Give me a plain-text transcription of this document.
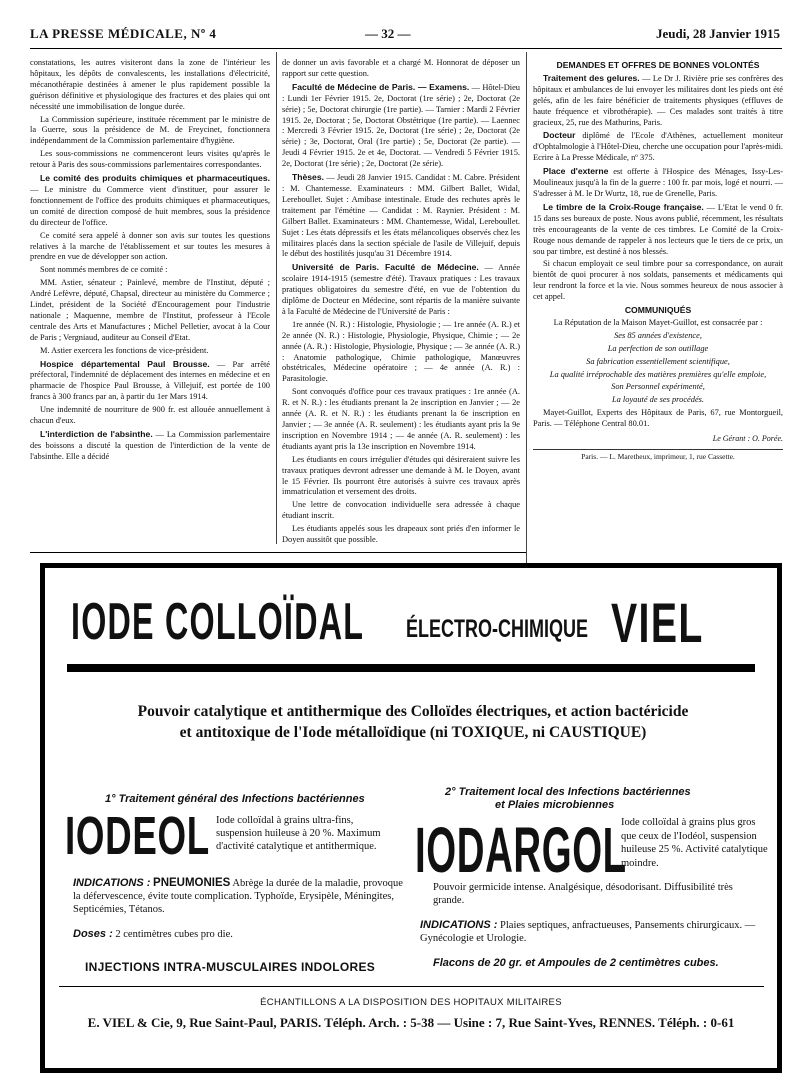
LA PRESSE MÉDICALE, Nº 4	— 32 —	Jeudi, 28 Janvier 1915

constatations, les autres visiteront dans la zone de l'intérieur les hôpitaux, les dépôts de convalescents, les installations d'électricité, mécanothérapie destinées à amener le plus rapidement possible la guérison définitive et physiologique des fractures et des plaies qui ont nécessité une immobilisation de longue durée.

La Commission supérieure, instituée récemment par le ministre de la Guerre, sous la présidence de M. de Freycinet, fonctionnera indépendamment de la Commission parlementaire d'hygiène.

Les sous-commissions ne commenceront leurs visites qu'après le retour à Paris des sous-commissions parlementaires correspondantes.

Le comité des produits chimiques et pharmaceutiques. — Le ministre du Commerce vient d'instituer, pour assurer le fonctionnement de l'office des produits chimiques et pharmaceutiques, un comité de direction composé de huit membres, sous la présidence du directeur de l'office.

Ce comité sera appelé à donner son avis sur toutes les questions relatives à la marche de l'établissement et sur toutes les mesures à prendre en vue de développer son action.

Sont nommés membres de ce comité :

MM. Astier, sénateur ; Painlevé, membre de l'Institut, député ; André Lefèvre, député, Chapsal, directeur au ministère du Commerce ; Lindet, président de la Société d'Encouragement pour l'industrie nationale ; Maquenne, membre de l'Institut, professeur à l'Ecole centrale des Arts et Manufactures ; Michel Pelletier, avocat à la Cour de Paris ; Vergniaud, auditeur au Conseil d'Etat.

M. Astier exercera les fonctions de vice-président.

Hospice départemental Paul Brousse. — Par arrêté préfectoral, l'indemnité de déplacement des internes en médecine et en pharmacie de l'hospice Paul Brousse, à Villejuif, est portée de 100 francs à 300 francs par an, à partir du 1er Mars 1914.

Une indemnité de nourriture de 900 fr. est allouée annuellement à chacun d'eux.

L'interdiction de l'absinthe. — La Commission parlementaire des boissons a discuté la question de l'interdiction de la vente de l'absinthe. Elle a décidé

de donner un avis favorable et a chargé M. Honnorat de déposer un rapport sur cette question.

Faculté de Médecine de Paris. — Examens. — Hôtel-Dieu : Lundi 1er Février 1915. 2e, Doctorat (1re série) ; 2e, Doctorat (2e série) ; 5e, Doctorat chirurgie (1re partie). — Tarnier : Mardi 2 Février 1915. 2e, Doctorat ; 5e, Doctorat Obstétrique (1re partie). — Laennec : Mercredi 3 Février 1915. 2e, Doctorat (1re série) ; 2e, Doctorat (2e série) ; 3e, Doctorat, Oral (1re partie) ; 5e, Doctorat (2e partie). — Jeudi 4 Février 1915. 2e et 4e, Doctorat. — Vendredi 5 Février 1915. 2e, Doctorat (1re série) ; 2e, Doctorat (2e série).

Thèses. — Jeudi 28 Janvier 1915. Candidat : M. Cabre. Président : M. Chantemesse. Examinateurs : MM. Gilbert Ballet, Widal, Lereboullet. Sujet : Amibase intestinale. Etude des rechutes après le traitement par l'émétine — Candidat : M. Raynier. Président : M. Gilbert Ballet. Examinateurs : MM. Chantemesse, Widal, Lereboullet. Sujet : Les états dépressifs et les états mélancoliques observés chez les militaires placés dans la section spéciale de l'asile de Villejuif, depuis le début des hostilités jusqu'au 31 Décembre 1914.

Université de Paris. Faculté de Médecine. — Année scolaire 1914-1915 (semestre d'été). Travaux pratiques : Les travaux pratiques obligatoires du semestre d'été, en vue de l'obtention du diplôme de Docteur en Médecine, sont répartis de la manière suivante à la Faculté de Médecine de l'Université de Paris :

1re année (N. R.) : Histologie, Physiologie ; — 1re année (A. R.) et 2e année (N. R.) : Histologie, Physiologie, Physique, Chimie ; — 2e année (A. R.) : Histologie, Physiologie, Physique ; — 3e année (A. R.) : Anatomie pathologique, Chimie pathologique, Manœuvres obstétricales, Médecine opératoire ; — 4e année (A. R.) : Parasitologie.

Sont convoqués d'office pour ces travaux pratiques : 1re année (A. R. et N. R.) : les étudiants prenant la 2e inscription en Janvier ; — 2e année (A. R. et N. R.) : les étudiants prenant la 6e inscription en Janvier ; — 3e année (A. R. seulement) : les étudiants ayant pris la 9e inscription en Novembre 1914 ; — 4e année (A. R. seulement) : les étudiants ayant pris la 13e inscription en Novembre 1914.

Les étudiants en cours irrégulier d'études qui désireraient suivre les travaux pratiques devront adresser une demande à M. le Doyen, avant le 15 Février. Ils pourront être autorisés à suivre ces travaux après immatriculation et versement des droits.

Une lettre de convocation individuelle sera adressée à chaque étudiant inscrit.

Les étudiants appelés sous les drapeaux sont priés d'en informer le Doyen aussitôt que possible.

DEMANDES ET OFFRES DE BONNES VOLONTÉS

Traitement des gelures. — Le Dr J. Rivière prie ses confrères des hôpitaux et ambulances de lui envoyer les militaires dont les pieds ont été gelés, afin de les faire bénéficier de traitements physiques (effluves de haute fréquence et vibrothérapie). — Ces malades sont traités à titre gracieux, 25, rue des Mathurins, Paris.

Docteur diplômé de l'Ecole d'Athènes, actuellement moniteur d'Ophtalmologie à l'Hôtel-Dieu, cherche une occupation pour l'après-midi. Ecrire à La Presse Médicale, nº 375.

Place d'externe est offerte à l'Hospice des Ménages, Issy-Les-Moulineaux jusqu'à la fin de la guerre : 100 fr. par mois, logé et nourri. — S'adresser à M. le Dr Wurtz, 18, rue de Grenelle, Paris.

Le timbre de la Croix-Rouge française. — L'Etat le vend 0 fr. 15 dans ses bureaux de poste. Nous avons publié, récemment, les résultats très encourageants de la vente de ces timbres. Le Comité de la Croix-Rouge nous demande de rappeler à nos lecteurs que le tiers de ce prix, un sou par timbre, est destiné à nos blessés.

Si chacun employait ce seul timbre pour sa correspondance, on aurait bientôt de quoi procurer à nos soldats, pansements et médicaments qui leur rendront la force et la vie. Nous sommes heureux de nous associer à cet appel.

COMMUNIQUÉS

La Réputation de la Maison Mayet-Guillot, est consacrée par :

Ses 85 années d'existence,

La perfection de son outillage

Sa fabrication essentiellement scientifique,

La qualité irréprochable des matières premières qu'elle emploie,

Son Personnel expérimenté,

La loyauté de ses procédés.

Mayet-Guillot, Experts des Hôpitaux de Paris, 67, rue Montorgueil, Paris. — Téléphone Central 80.01.

Le Gérant : O. Porée.
Paris. — L. Maretheux, imprimeur, 1, rue Cassette.
IODE COLLOÏDAL ÉLECTRO-CHIMIQUE VIEL
Pouvoir catalytique et antithermique des Colloïdes électriques, et action bactéricide
et antitoxique de l'Iode métalloïdique (ni TOXIQUE, ni CAUSTIQUE)
1° Traitement général des Infections bactériennes
2° Traitement local des Infections bactériennes
et Plaies microbiennes
IODEOL Iode colloïdal à grains ultra-fins, suspension huileuse à 20 %. Maximum d'activité catalytique et antithermique. IODARGOL
Iode colloïdal à grains plus gros que ceux de l'Iodéol, suspension huileuse 25 %. Activité catalytique moindre.
INDICATIONS : PNEUMONIES Abrège la durée de la maladie, provoque la défervescence, évite toute complication. Typhoïde, Erysipèle, Méningites, Septicémies, Tétanos.
Doses : 2 centimètres cubes pro die.
INJECTIONS INTRA-MUSCULAIRES INDOLORES
Pouvoir germicide intense. Analgésique, désodorisant. Diffusibilité très grande.
INDICATIONS : Plaies septiques, anfractueuses, Pansements chirurgicaux. — Gynécologie et Urologie.
Flacons de 20 gr. et Ampoules de 2 centimètres cubes.
ÉCHANTILLONS A LA DISPOSITION DES HOPITAUX MILITAIRES
E. VIEL & Cie, 9, Rue Saint-Paul, PARIS. Téléph. Arch. : 5-38 — Usine : 7, Rue Saint-Yves, RENNES. Téléph. : 0-61
